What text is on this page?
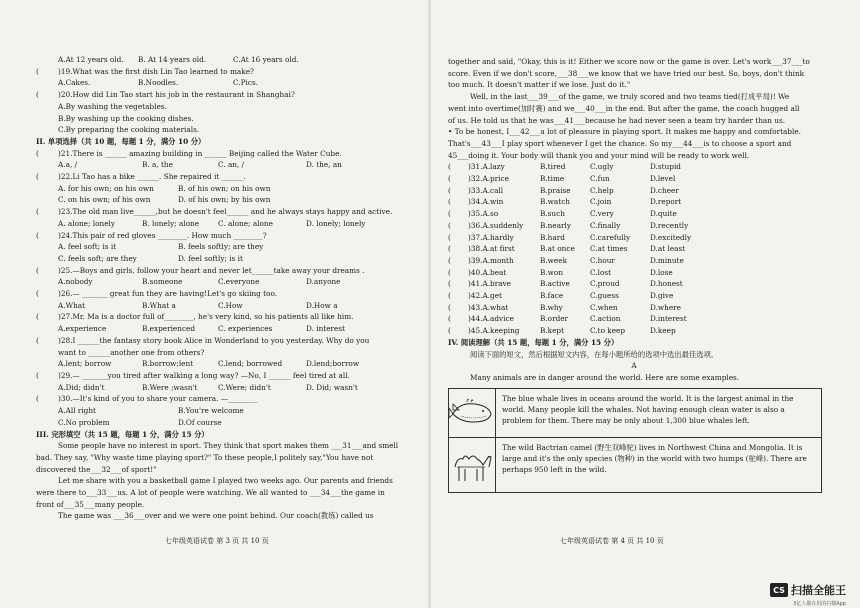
A.At 12 years old.	B. At 14 years old.	C.At 16 years old.
(	)19.What was the first dish Lin Tao learned to make?
A.Cakes.	B.Noodles.	C.Pics.
(	)20.How did Lin Tao start his job in the restaurant in Shanghai?
A.By washing the vegetables.
B.By washing up the cooking dishes.
C.By preparing the cooking materials.
II. 单项选择（共 10 题，每题 1 分，满分 10 分）
(	)21.There is ______ amazing building in ______ Beijing called the Water Cube.
A.a, /	B. a, the	C. an, /	D. the, an
(	)22.Li Tao has a bike ______. She repaired it ______.
A. for his own; on his own	B. of his own; on his own
C. on his own; of his own	D. of his own; by his own
(	)23.The old man live______,but he doesn't feel______ and he always stays happy and active.
A. alone; lonely	B. lonely; alone	C. alone; alone	D. lonely; lonely
(	)24.This pair of red gloves ________. How much ________?
A. feel soft; is it	B. feels softly; are they
C. feels soft; are they	D. feel softly; is it
(	)25.—Boys and girls, follow your heart and never let______take away your dreams .
A.nobody	B.someone	C.everyone	D.anyone
(	)26.— _______ great fun they are having!Let's go skiing too.
A.What	B.What a	C.How	D.How a
(	)27.Mr. Ma is a doctor full of________, he's very kind, so his patients all like him.
A.experience	B.experienced	C. experiences	D. interest
(	)28.I ______the fantasy story book Alice in Wonderland to you yesterday. Why do you
want to ______another one from others?
A.lent; borrow	B.borrow;lent	C.lend; borrowed	D.lend;borrow
(	)29.— _______you tired after walking a long way? —No, I ______ feel tired at all.
A.Did; didn't	B.Were ;wasn't	C.Were; didn't	D. Did; wasn't
(	)30.—It's kind of you to share your camera. —________
A.All right	B.You're welcome
C.No problem	D.Of course
III. 完形填空（共 15 题，每题 1 分，满分 15 分）
Some people have no interest in sport. They think that sport makes them ___31___and smell
bad. They say, "Why waste time playing sport?" To these people,I politely say,"You have not
discovered the___32___of sport!"
Let me share with you a basketball game I played two weeks ago. Our parents and friends
were there to___33___us. A lot of people were watching. We all wanted to ___34___the game in
front of___35___many people.
The game was ___36___over and we were one point behind. Our coach(教练) called us
together and said, "Okay, this is it! Either we score now or the game is over. Let's work___37___to
score. Even if we don't score,___38___we know that we have tried our best. So, boys, don't think
too much. It doesn't matter if we lose. Just do it."
Well, in the last___39___of the game, we truly scored and two teams tied(打成平局)! We
went into overtime(加时赛) and we___40___in the end. But after the game, the coach hugged all
of us. He told us that he was___41___because he had never seen a team try harder than us.
• To be honest, I___42___a lot of pleasure in playing sport. It makes me happy and comfortable.
That's___43___I play sport whenever I get the chance. So my___44___is to choose a sport and
45___doing it. Your body will thank you and your mind will be ready to work well.
(	)31.A.lazy	B.tired	C.ugly	D.stupid
(	)32.A.price	B.time	C.fun	D.level
(	)33.A.call	B.praise	C.help	D.cheer
(	)34.A.win	B.watch	C.join	D.report
(	)35.A.so	B.such	C.very	D.quite
(	)36.A.suddenly	B.nearly	C.finally	D.recently
(	)37.A.hardly	B.hard	C.carefully	D.excitedly
(	)38.A.at first	B.at once	C.at times	D.at least
(	)39.A.month	B.week	C.hour	D.minute
(	)40.A.beat	B.won	C.lost	D.lose
(	)41.A.brave	B.active	C.proud	D.honest
(	)42.A.get	B.face	C.guess	D.give
(	)43.A.what	B.why	C.when	D.where
(	)44.A.advice	B.order	C.action	D.interest
(	)45.A.keeping	B.kept	C.to keep	D.keep
IV. 阅读理解（共 15 题，每题 1 分，满分 15 分）
阅读下面的短文，然后根据短文内容，在每小题所给的选项中选出最佳选项。
A
Many animals are in danger around the world. Here are some examples.
The blue whale lives in oceans around the world. It is the largest animal in the world. Many people kill the whales. Not having enough clean water is also a problem for them. There may be only about 1,300 blue whales left.
The wild Bactrian camel (野生双峰驼) lives in Northwest China and Mongolia. It is large and it's the only species (物种) in the world with two humps (驼峰). There are perhaps 950 left in the wild.
七年级英语试卷 第 3 页 共 10 页	七年级英语试卷 第 4 页 共 10 页
CS 扫描全能王
3亿人都在用的扫描App
